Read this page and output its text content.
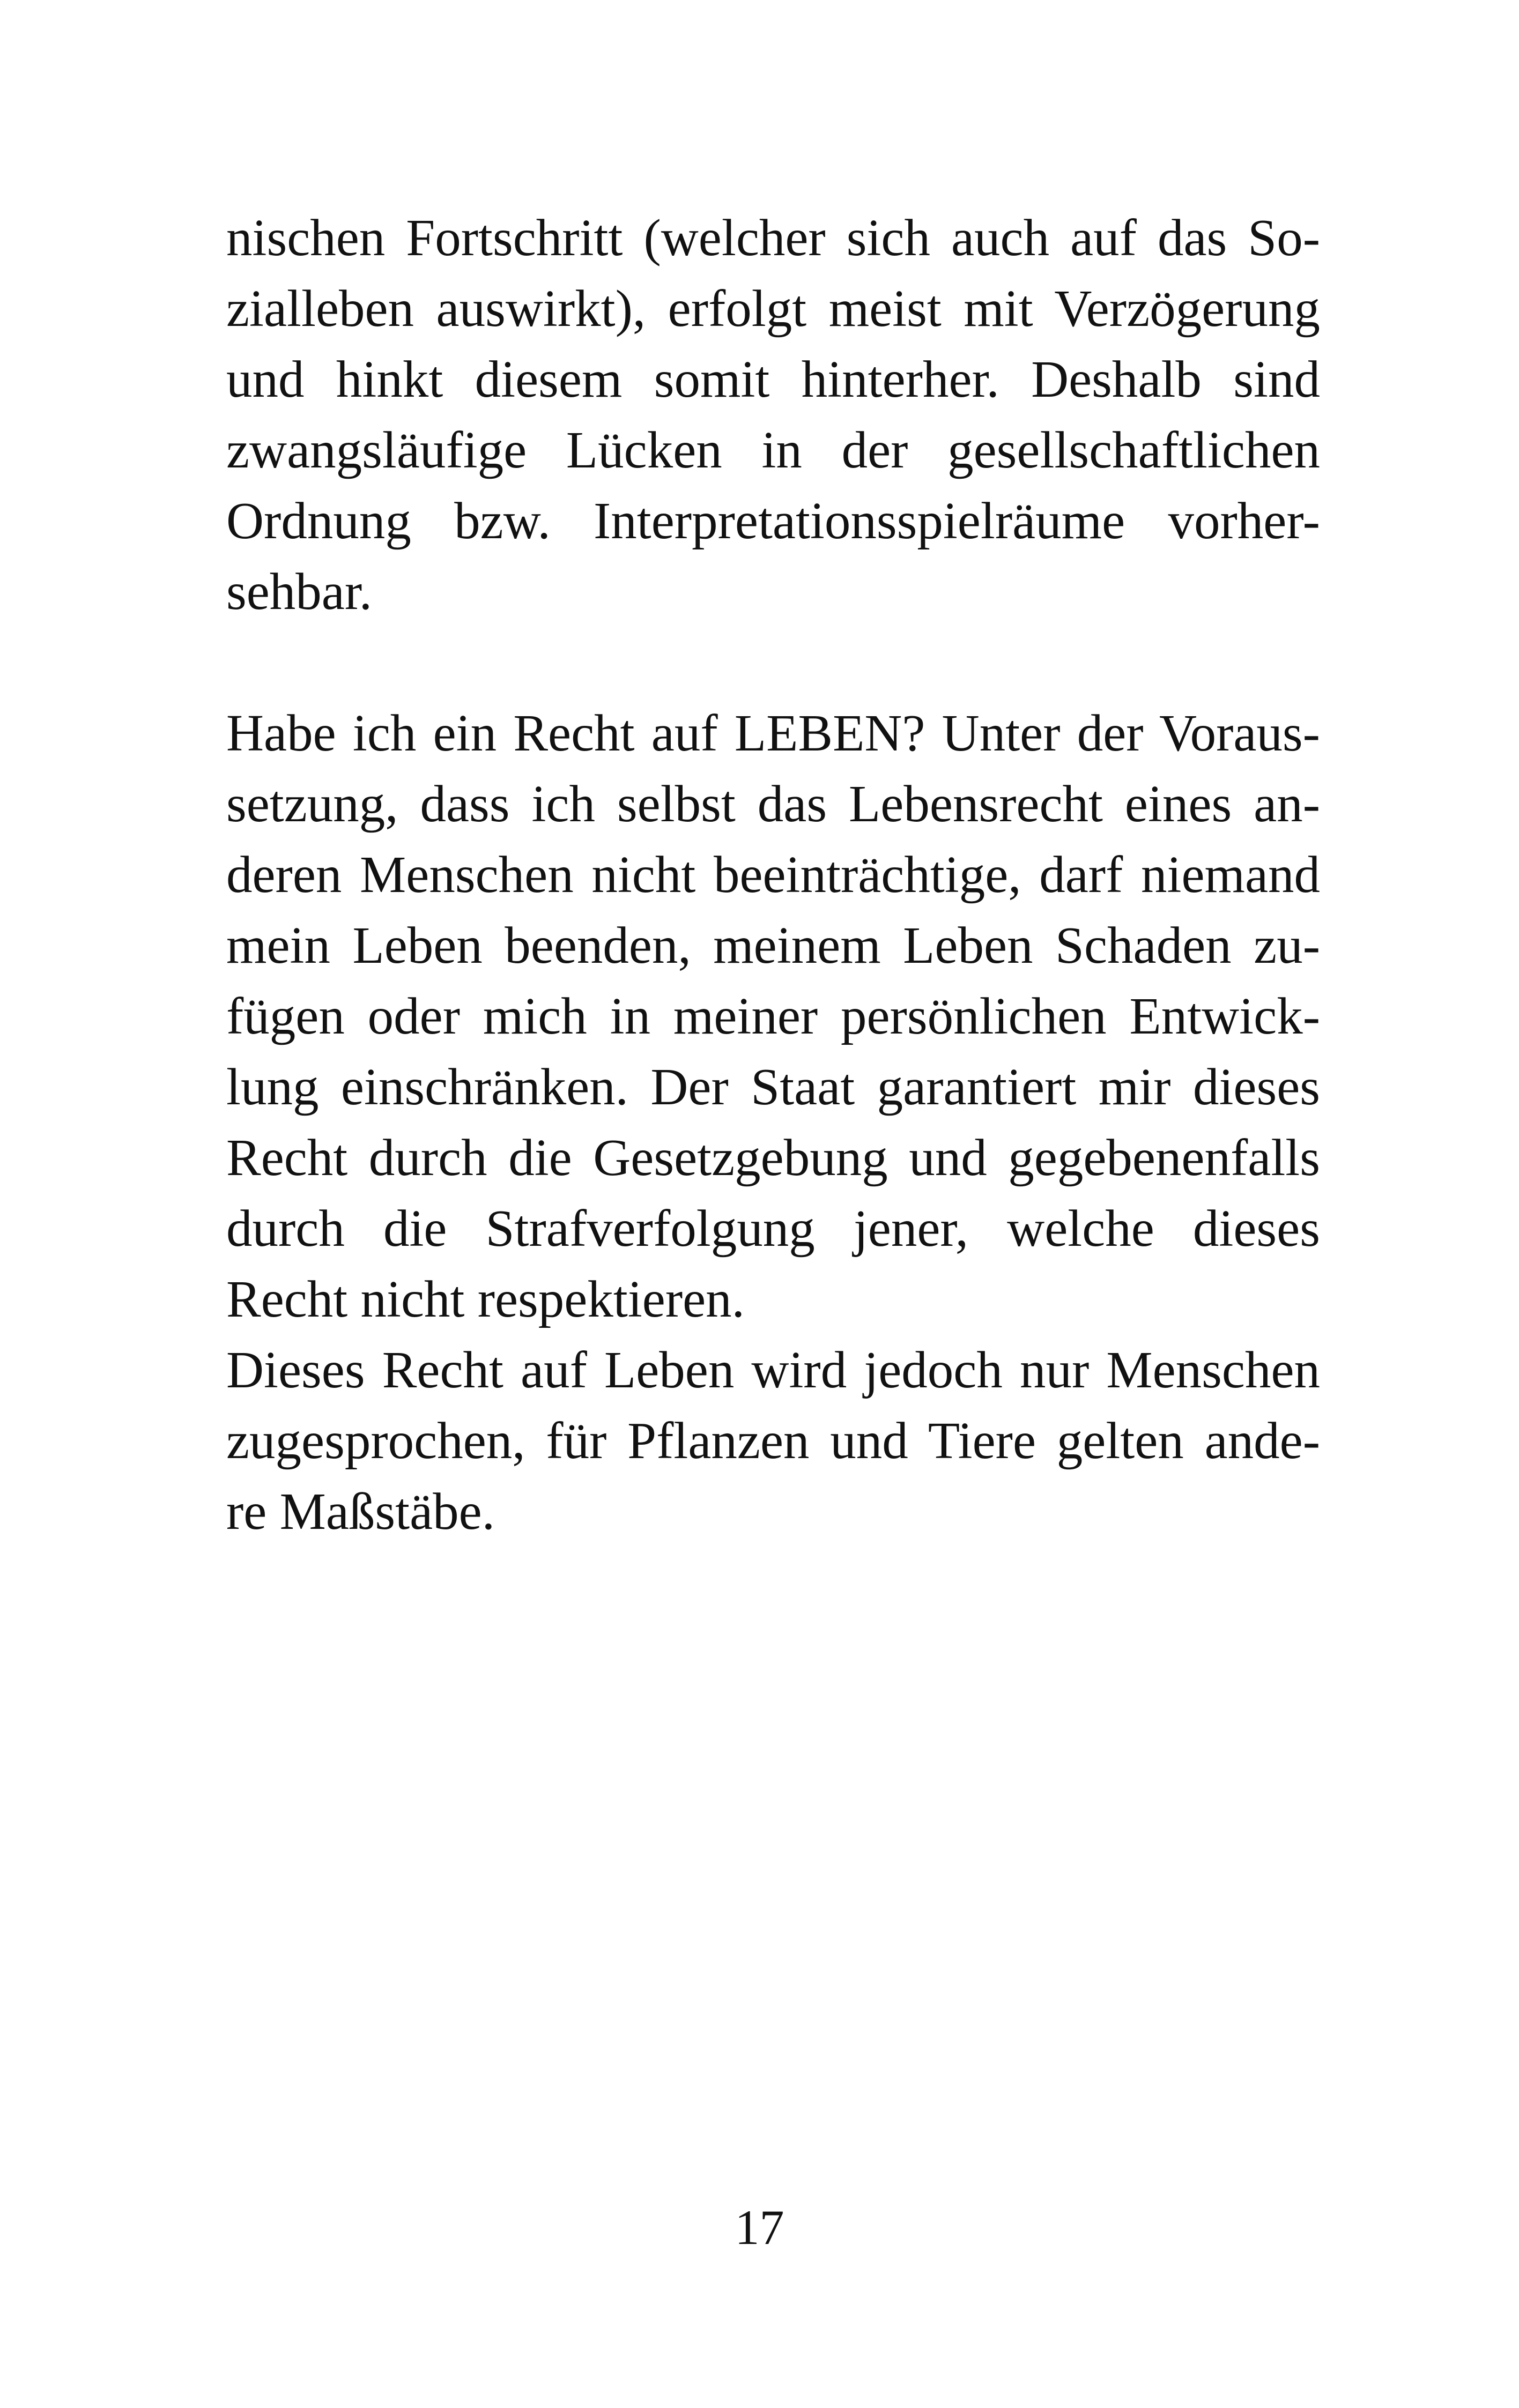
nischen Fortschritt (welcher sich auch auf das So-
zialleben auswirkt), erfolgt meist mit Verzögerung
und hinkt diesem somit hinterher. Deshalb sind
zwangsläufige Lücken in der gesellschaftlichen
Ordnung bzw. Interpretationsspielräume vorher-
sehbar.
Habe ich ein Recht auf LEBEN? Unter der Voraus-
setzung, dass ich selbst das Lebensrecht eines an-
deren Menschen nicht beeinträchtige, darf niemand
mein Leben beenden, meinem Leben Schaden zu-
fügen oder mich in meiner persönlichen Entwick-
lung einschränken. Der Staat garantiert mir dieses
Recht durch die Gesetzgebung und gegebenenfalls
durch die Strafverfolgung jener, welche dieses
Recht nicht respektieren.
Dieses Recht auf Leben wird jedoch nur Menschen
zugesprochen, für Pflanzen und Tiere gelten ande-
re Maßstäbe.
17
